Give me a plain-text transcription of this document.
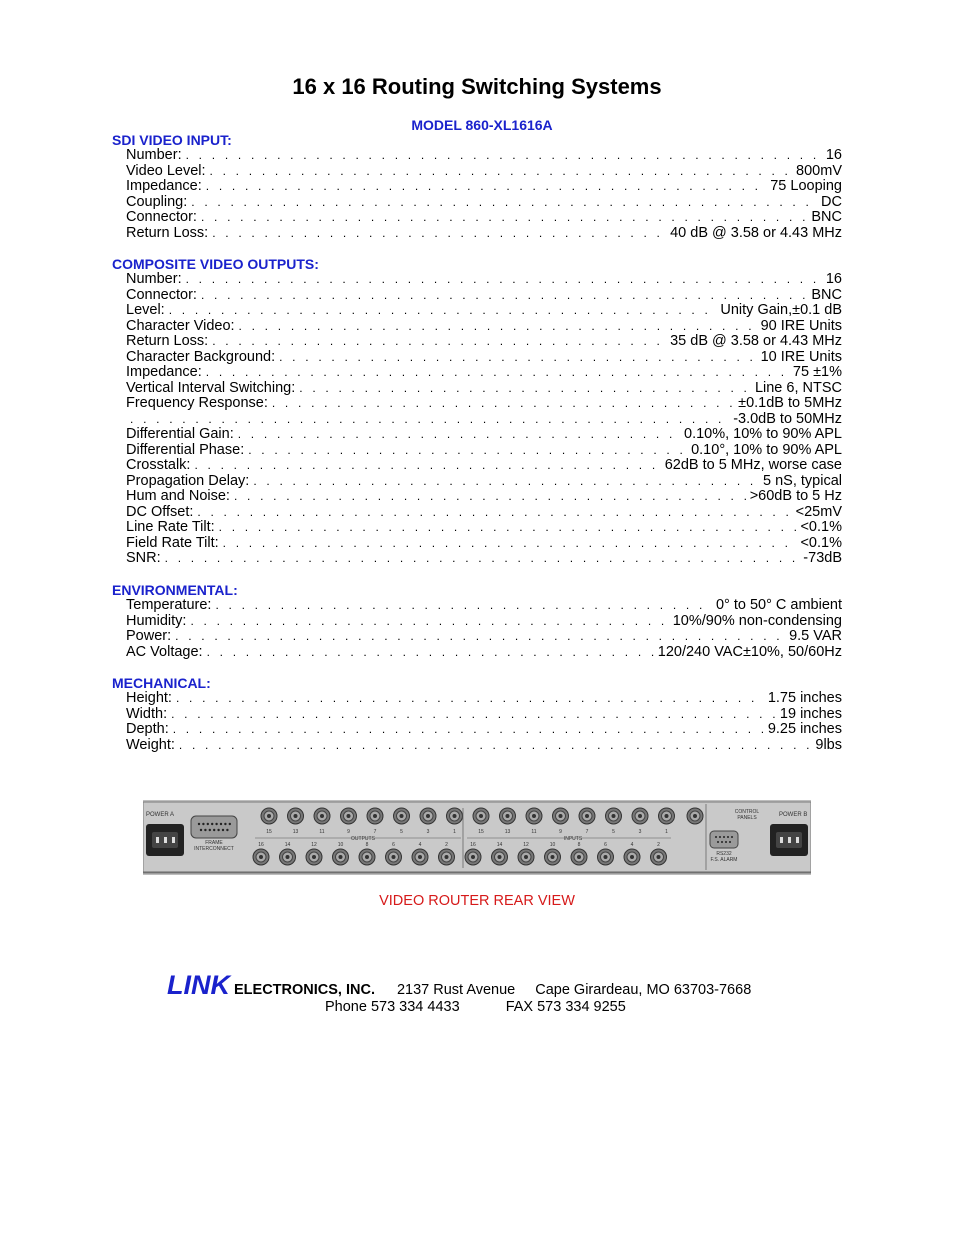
16 x 16 Routing Switching Systems
MODEL 860-XL1616A
SDI VIDEO INPUT:
Number: . . .	16
Video Level: . . .	800mV
Impedance: . . .	75 Looping
Coupling: . . .	DC
Connector: . . .	BNC
Return Loss: . . .	40 dB @ 3.58 or 4.43 MHz
COMPOSITE VIDEO OUTPUTS:
Number: . . .	16
Connector: . . .	BNC
Level: . . .	Unity Gain,±0.1 dB
Character Video: . . .	90 IRE Units
Return Loss: . . .	35 dB @ 3.58 or 4.43 MHz
Character Background: . . .	10 IRE Units
Impedance: . . .	75 ±1%
Vertical Interval Switching: . . .	Line 6, NTSC
Frequency Response: . . .	±0.1dB to 5MHz
. . .
-3.0dB to 50MHz
Differential Gain: . . .	0.10%, 10% to 90% APL
Differential Phase: . . .	0.10°, 10% to 90% APL
Crosstalk: . . .	62dB to 5 MHz, worse case
Propagation Delay: . . .	5 nS, typical
Hum and Noise: . . .	>60dB to 5 Hz
DC Offset: . . .	<25mV
Line Rate Tilt: . . .	<0.1%
Field Rate Tilt: . . .	<0.1%
SNR: . . .	-73dB
ENVIRONMENTAL:
Temperature: . . .	0° to 50° C ambient
Humidity: . . .	10%/90% non-condensing
Power: . . .	9.5 VAR
AC Voltage: . . .	120/240 VAC±10%, 50/60Hz
MECHANICAL:
Height: . . .	1.75 inches
Width: . . .	19 inches
Depth: . . .	9.25 inches
Weight: . . .	9lbs
POWER A	POWER B
FRAME
INTERCONNECT
15	13	11	9	7	5	3	1
16	14	12	10	8	6	4	2
15	13	11	9	7	5	3	1
16	14	12	10	8	6	4	2
OUTPUTS	INPUTS
CONTROL
PANELS
RS232
F.S. ALARM
VIDEO ROUTER REAR VIEW
LINK ELECTRONICS, INC. 2137 Rust Avenue Cape Girardeau, MO 63703-7668
Phone 573 334 4433	FAX 573 334 9255
